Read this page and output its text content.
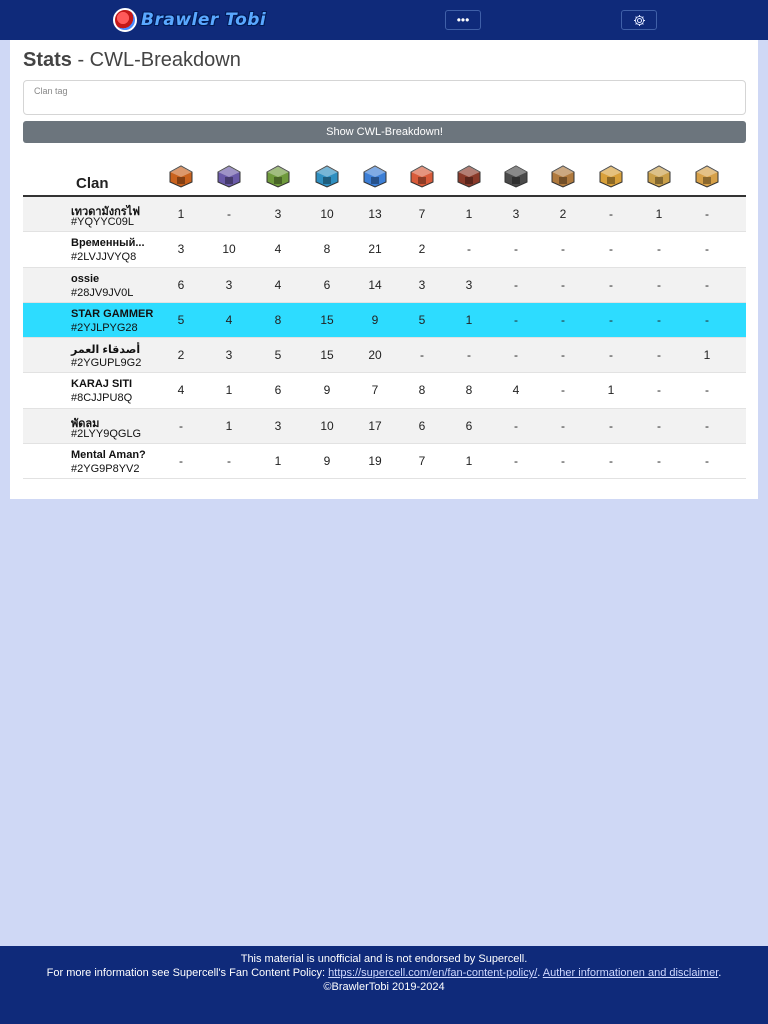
Brawler Tobi	•••
Stats - CWL-Breakdown
Clan tag
Show CWL-Breakdown!
Clan
เทวดามังกรไฟ
#YQYYC09L
1	-	3	10	13	7	1	3	2	-	1	-
Временный...
#2LVJJVYQ8
3	10	4	8	21	2	-	-	-	-	-	-
ossie
#28JV9JV0L
6	3	4	6	14	3	3	-	-	-	-	-
STAR GAMMER
#2YJLPYG28
5	4	8	15	9	5	1	-	-	-	-	-
أصدقاء العمر
#2YGUPL9G2
2	3	5	15	20	-	-	-	-	-	-	1
KARAJ SITI
#8CJJPU8Q
4	1	6	9	7	8	8	4	-	1	-	-
พัดลม
#2LYY9QGLG
-	1	3	10	17	6	6	-	-	-	-	-
Mental Aman?
#2YG9P8YV2
-	-	1	9	19	7	1	-	-	-	-	-
This material is unofficial and is not endorsed by Supercell.
For more information see Supercell's Fan Content Policy: https://supercell.com/en/fan-content-policy/. Auther informationen and disclaimer.
©BrawlerTobi 2019-2024
